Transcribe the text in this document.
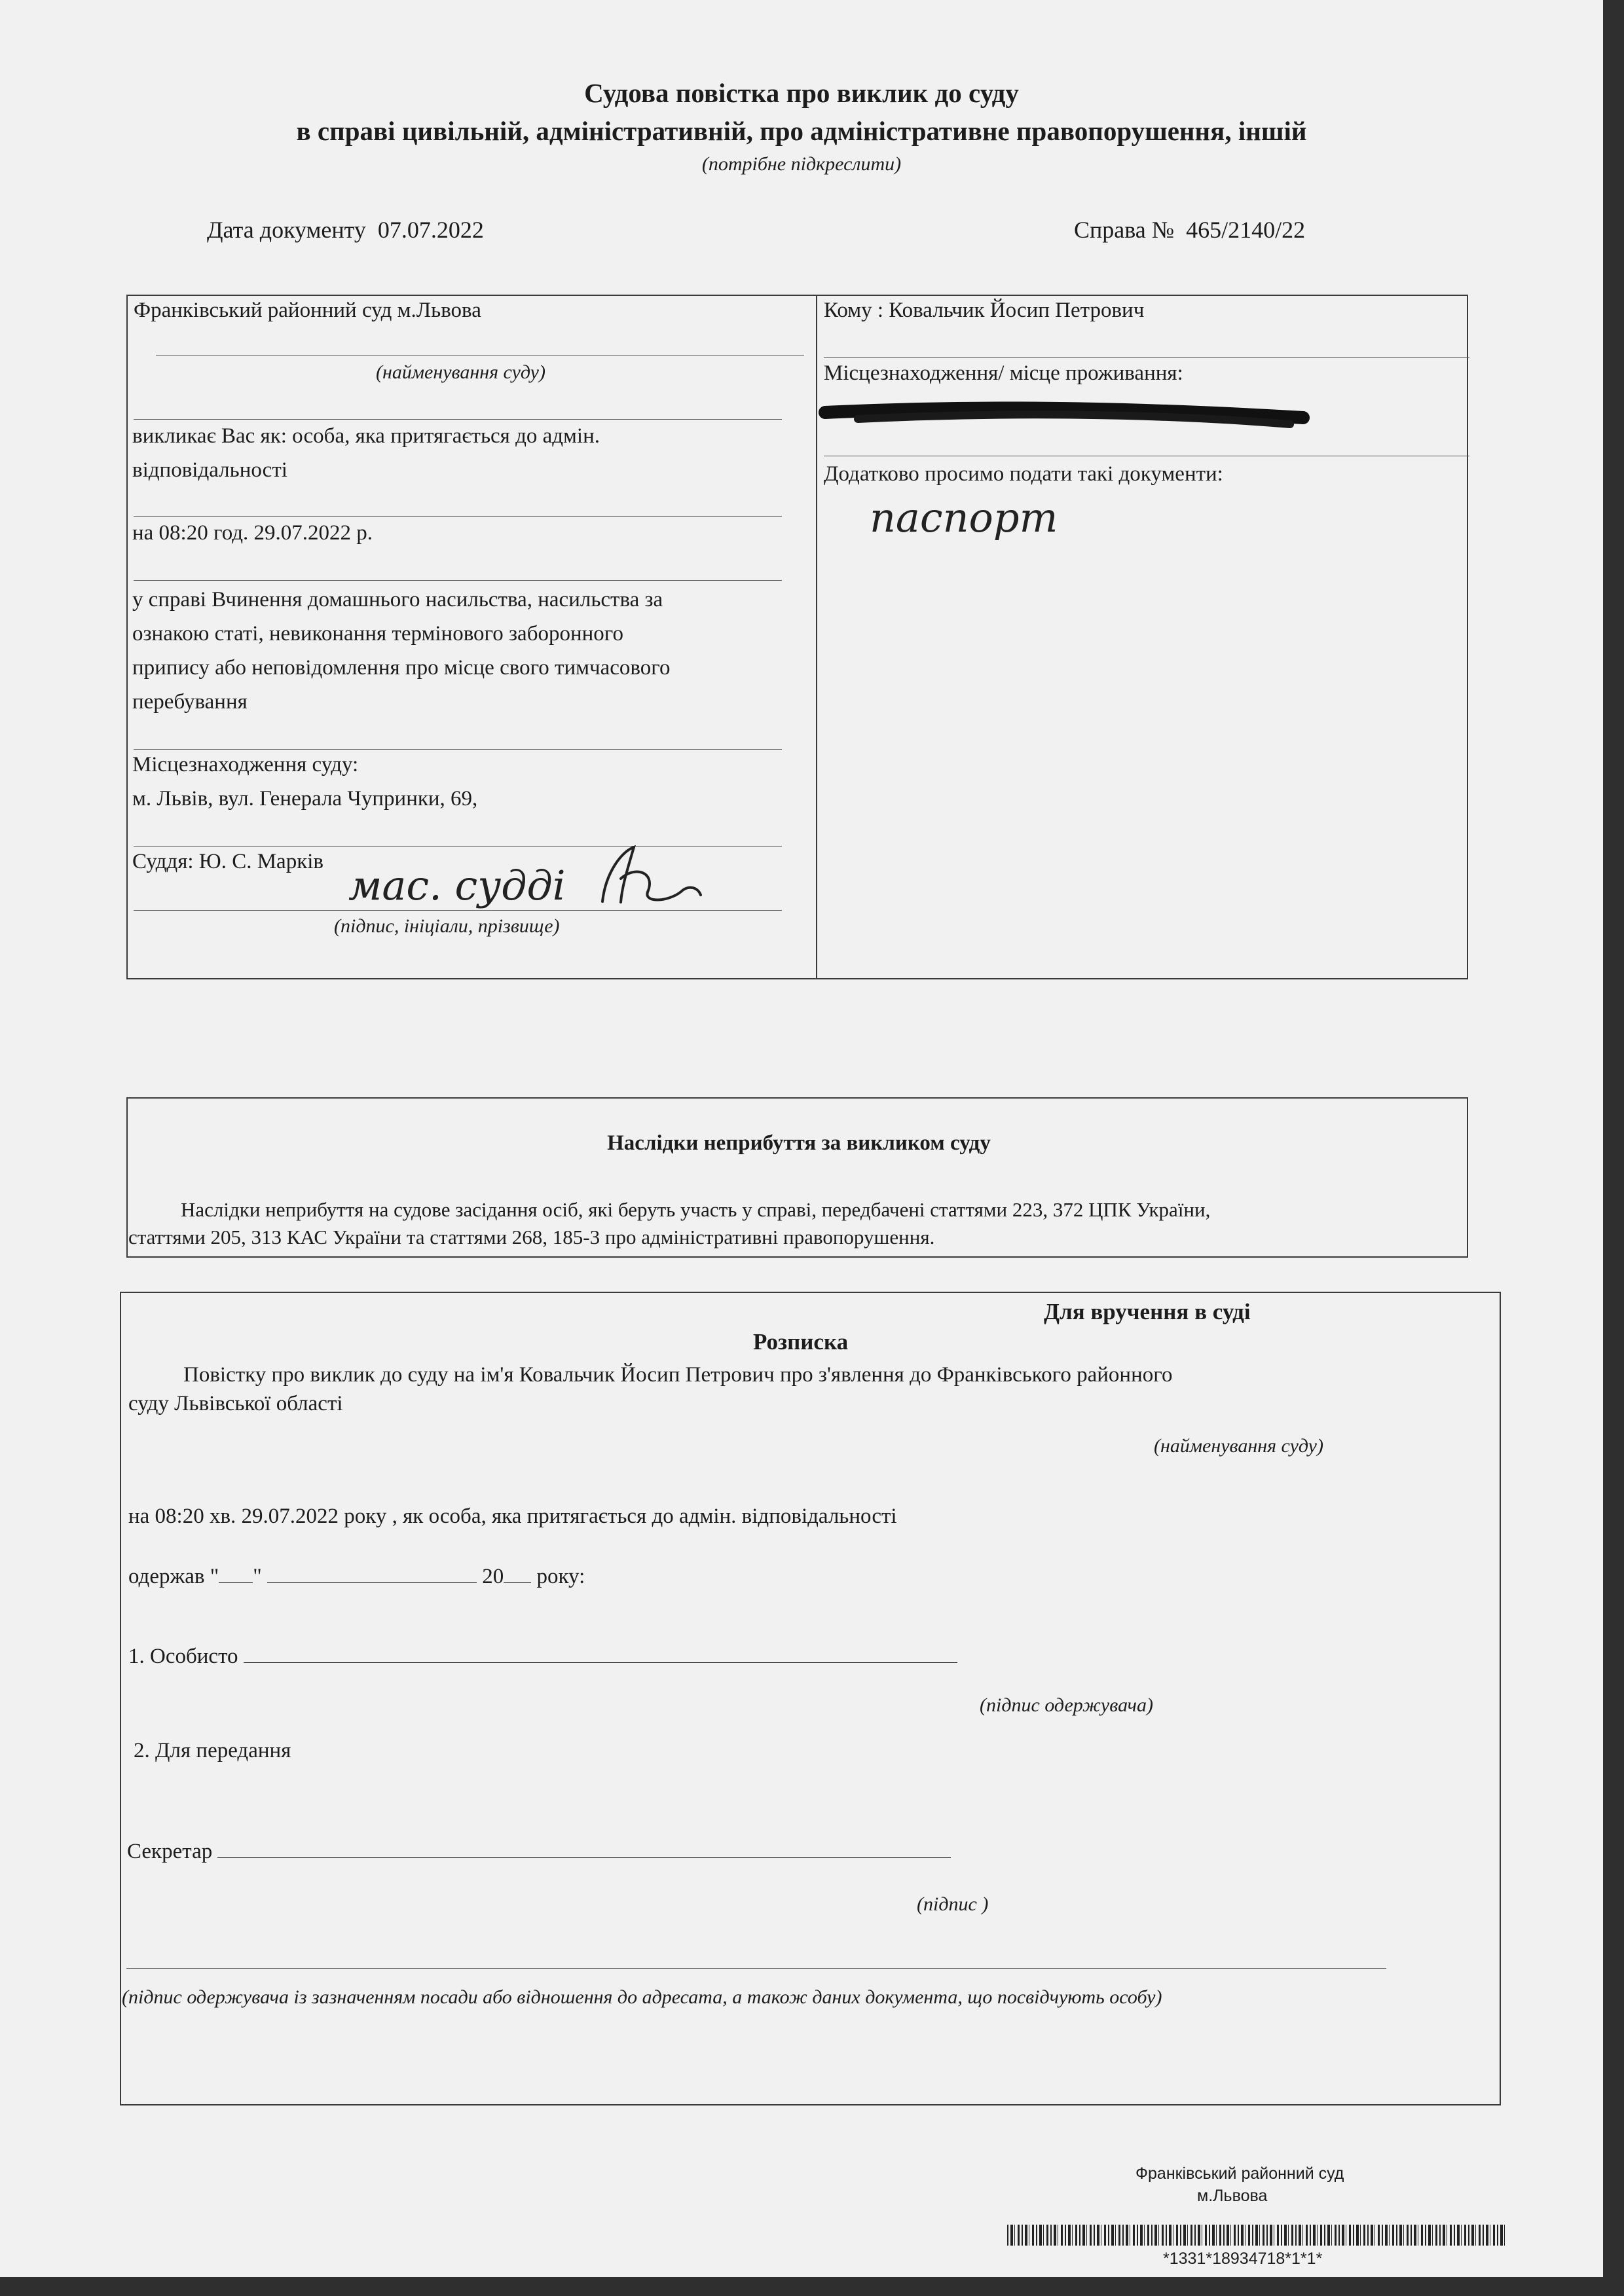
Судова повістка про виклик до суду
в справі цивільній, адміністративній, про адміністративне правопорушення, іншій
(потрібне підкреслити)
Дата документу 07.07.2022	Справа № 465/2140/22
Франківський районний суд м.Львова
(найменування суду)
викликає Вас як: особа, яка притягається до адмін.
відповідальності
на 08:20 год. 29.07.2022 р.
у справі Вчинення домашнього насильства, насильства за
ознакою статі, невиконання термінового заборонного
припису або неповідомлення про місце свого тимчасового
перебування
Місцезнаходження суду:
м. Львів, вул. Генерала Чупринки, 69,
Суддя: Ю. С. Марків мас. судді
(підпис, ініціали, прізвище)
Кому : Ковальчик Йосип Петрович
Місцезнаходження/ місце проживання:
Додатково просимо подати такі документи:
паспорт
Наслідки неприбуття за викликом суду
Наслідки неприбуття на судове засідання осіб, які беруть участь у справі, передбачені статтями 223, 372 ЦПК України,
статтями 205, 313 КАС України та статтями 268, 185-3 про адміністративні правопорушення.
Для вручення в суді
Розписка
Повістку про виклик до суду на ім'я Ковальчик Йосип Петрович про з'явлення до Франківського районного
суду Львівської області
(найменування суду)
на 08:20 хв. 29.07.2022 року , як особа, яка притягається до адмін. відповідальності
одержав " "	20 року:
1. Особисто
(підпис одержувача)
2. Для передання
Секретар
(підпис )
(підпис одержувача із зазначенням посади або відношення до адресата, а також даних документа, що посвідчують особу)
Франківський районний суд
м.Львова
*1331*18934718*1*1*
